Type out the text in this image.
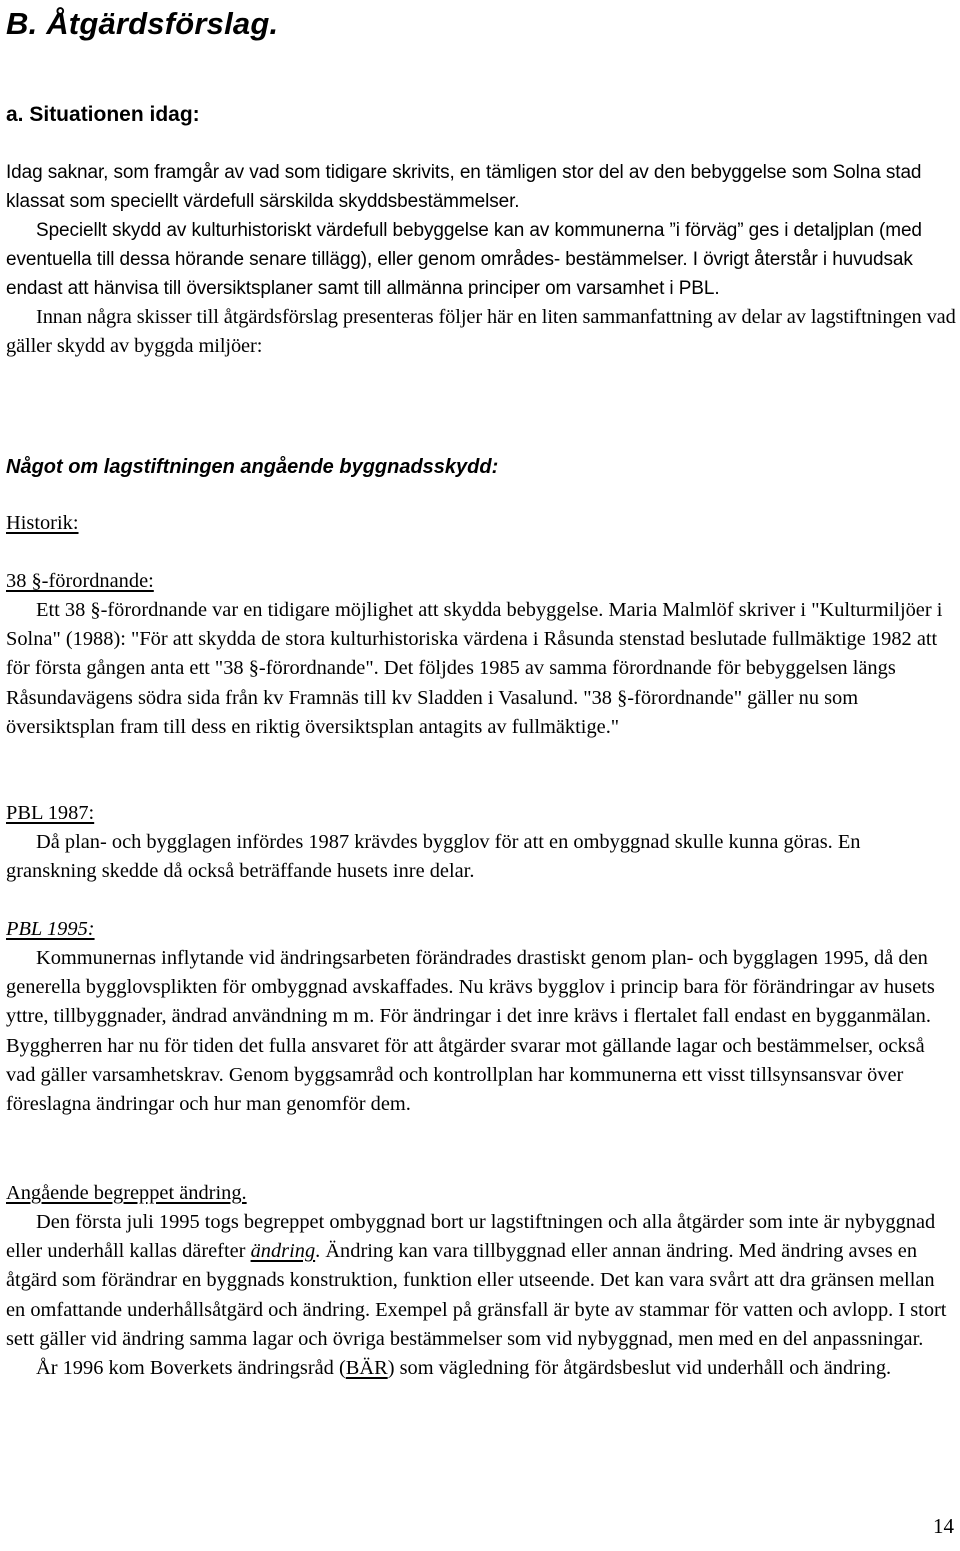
B. Åtgärdsförslag.
a. Situationen idag:
Idag saknar, som framgår av vad som tidigare skrivits, en tämligen stor del av den bebyggelse som Solna stad klassat som speciellt värdefull särskilda skyddsbestämmelser.
Speciellt skydd av kulturhistoriskt värdefull bebyggelse kan av kommunerna ”i förväg” ges i detaljplan (med eventuella till dessa hörande senare tillägg), eller genom områdes- bestämmelser. I övrigt återstår i huvudsak endast att hänvisa till översiktsplaner samt till allmänna principer om varsamhet i PBL.
Innan några skisser till åtgärdsförslag presenteras följer här en liten sammanfattning av delar av lagstiftningen vad gäller skydd av byggda miljöer:
Något om lagstiftningen angående byggnadsskydd:
Historik:
38 §-förordnande:
Ett 38 §-förordnande var en tidigare möjlighet att skydda bebyggelse. Maria Malmlöf skriver i "Kulturmiljöer i Solna" (1988): "För att skydda de stora kulturhistoriska värdena i Råsunda stenstad beslutade fullmäktige 1982 att för första gången anta ett "38 §-förordnande". Det följdes 1985 av samma förordnande för bebyggelsen längs Råsundavägens södra sida från kv Framnäs till kv Sladden i Vasalund. "38 §-förordnande" gäller nu som översiktsplan fram till dess en riktig översiktsplan antagits av fullmäktige."
PBL 1987:
Då plan- och bygglagen infördes 1987 krävdes bygglov för att en ombyggnad skulle kunna göras. En granskning skedde då också beträffande husets inre delar.
PBL 1995:
Kommunernas inflytande vid ändringsarbeten förändrades drastiskt genom plan- och bygglagen 1995, då den generella bygglovsplikten för ombyggnad avskaffades. Nu krävs bygglov i princip bara för förändringar av husets yttre, tillbyggnader, ändrad användning m m. För ändringar i det inre krävs i flertalet fall endast en bygganmälan. Byggherren har nu för tiden det fulla ansvaret för att åtgärder svarar mot gällande lagar och bestämmelser, också vad gäller varsamhetskrav. Genom byggsamråd och kontrollplan har kommunerna ett visst tillsynsansvar över föreslagna ändringar och hur man genomför dem.
Angående begreppet ändring.
Den första juli 1995 togs begreppet ombyggnad bort ur lagstiftningen och alla åtgärder som inte är nybyggnad eller underhåll kallas därefter ändring. Ändring kan vara tillbyggnad eller annan ändring. Med ändring avses en åtgärd som förändrar en byggnads konstruktion, funktion eller utseende. Det kan vara svårt att dra gränsen mellan en omfattande underhållsåtgärd och ändring. Exempel på gränsfall är byte av stammar för vatten och avlopp. I stort sett gäller vid ändring samma lagar och övriga bestämmelser som vid nybyggnad, men med en del anpassningar.
År 1996 kom Boverkets ändringsråd (BÄR) som vägledning för åtgärdsbeslut vid underhåll och ändring.
14
